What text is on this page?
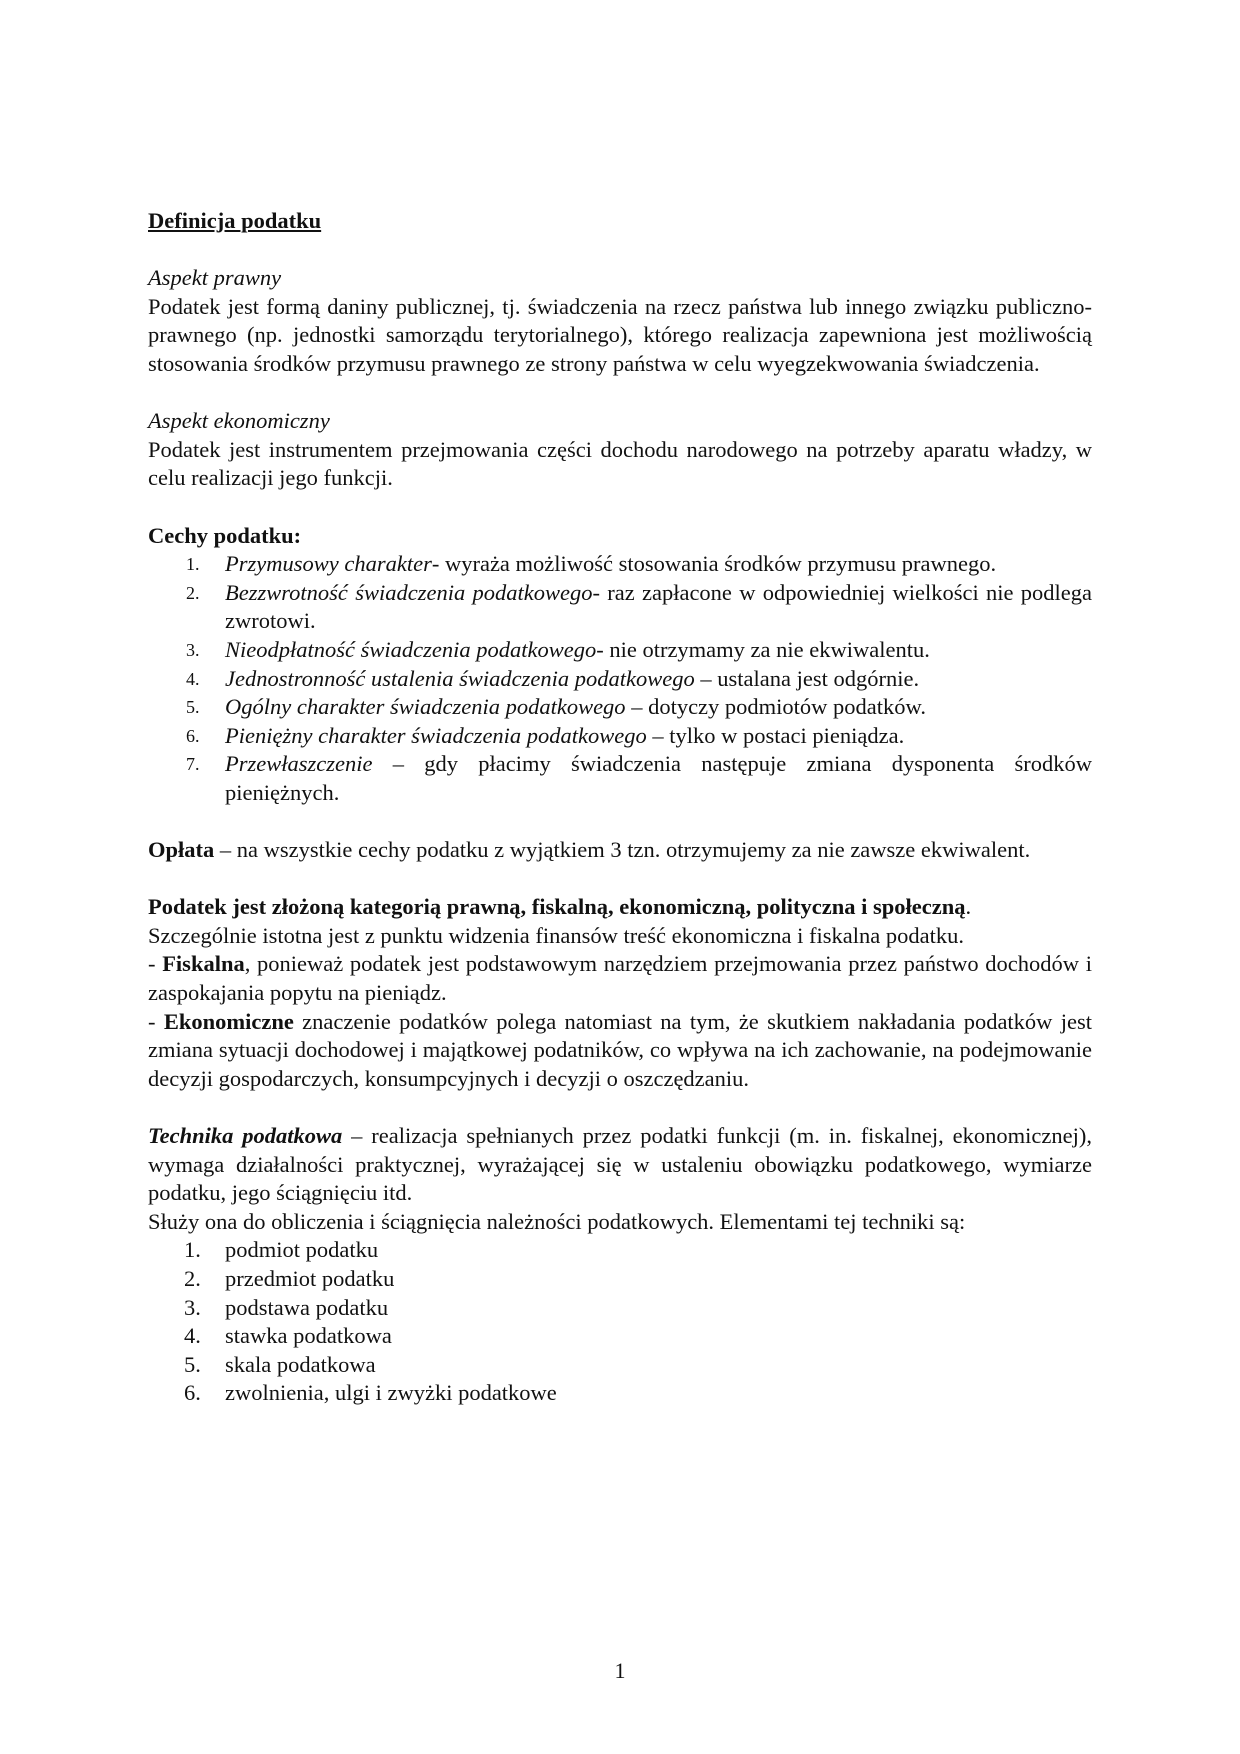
Definicja podatku

Aspekt prawny

Podatek jest formą daniny publicznej, tj. świadczenia na rzecz państwa lub innego związku publiczno-prawnego (np. jednostki samorządu terytorialnego), którego realizacja zapewniona jest możliwością stosowania środków przymusu prawnego ze strony państwa w celu wyegzekwowania świadczenia.

Aspekt ekonomiczny

Podatek jest instrumentem przejmowania części dochodu narodowego na potrzeby aparatu władzy, w celu realizacji jego funkcji.

Cechy podatku:

1. Przymusowy charakter- wyraża możliwość stosowania środków przymusu prawnego.
2. Bezzwrotność świadczenia podatkowego- raz zapłacone w odpowiedniej wielkości nie podlega zwrotowi.
3. Nieodpłatność świadczenia podatkowego- nie otrzymamy za nie ekwiwalentu.
4. Jednostronność ustalenia świadczenia podatkowego – ustalana jest odgórnie.
5. Ogólny charakter świadczenia podatkowego – dotyczy podmiotów podatków.
6. Pieniężny charakter świadczenia podatkowego – tylko w postaci pieniądza.
7. Przewłaszczenie – gdy płacimy świadczenia następuje zmiana dysponenta środków pieniężnych.

Opłata – na wszystkie cechy podatku z wyjątkiem 3 tzn. otrzymujemy za nie zawsze ekwiwalent.

Podatek jest złożoną kategorią prawną, fiskalną, ekonomiczną, polityczna i społeczną.

Szczególnie istotna jest z punktu widzenia finansów treść ekonomiczna i fiskalna podatku.

- Fiskalna, ponieważ podatek jest podstawowym narzędziem przejmowania przez państwo dochodów i zaspokajania popytu na pieniądz.

- Ekonomiczne znaczenie podatków polega natomiast na tym, że skutkiem nakładania podatków jest zmiana sytuacji dochodowej i majątkowej podatników, co wpływa na ich zachowanie, na podejmowanie decyzji gospodarczych, konsumpcyjnych i decyzji o oszczędzaniu.

Technika podatkowa – realizacja spełnianych przez podatki funkcji (m. in. fiskalnej, ekonomicznej), wymaga działalności praktycznej, wyrażającej się w ustaleniu obowiązku podatkowego, wymiarze podatku, jego ściągnięciu itd.

Służy ona do obliczenia i ściągnięcia należności podatkowych. Elementami tej techniki są:

1. podmiot podatku
2. przedmiot podatku
3. podstawa podatku
4. stawka podatkowa
5. skala podatkowa
6. zwolnienia, ulgi i zwyżki podatkowe
1
